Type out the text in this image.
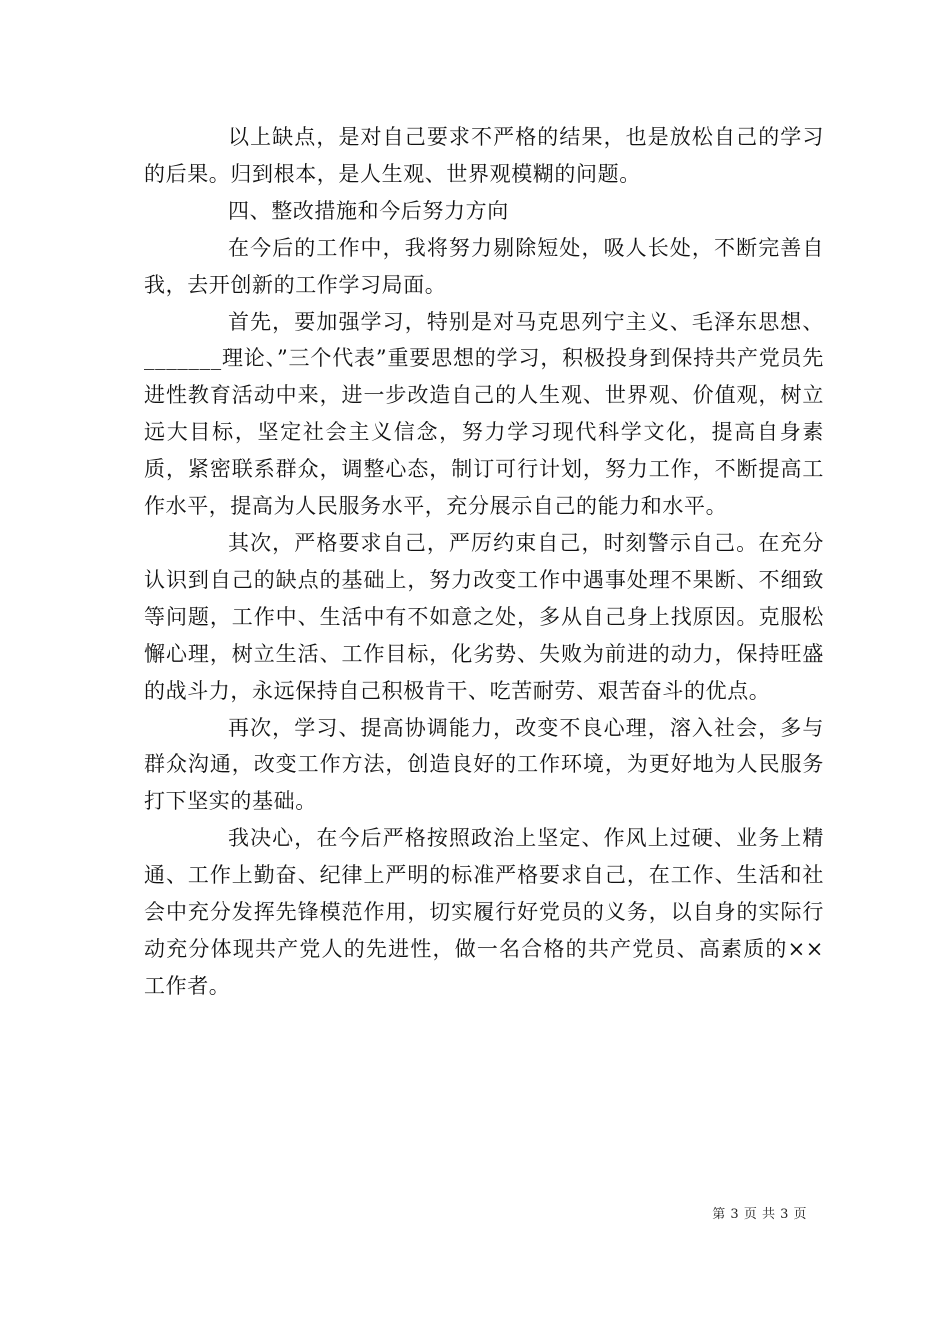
以上缺点，是对自己要求不严格的结果，也是放松自己的学习的后果。归到根本，是人生观、世界观模糊的问题。

四、整改措施和今后努力方向

在今后的工作中，我将努力剔除短处，吸人长处，不断完善自我，去开创新的工作学习局面。

首先，要加强学习，特别是对马克思列宁主义、毛泽东思想、_______理论、”三个代表”重要思想的学习，积极投身到保持共产党员先进性教育活动中来，进一步改造自己的人生观、世界观、价值观，树立远大目标，坚定社会主义信念，努力学习现代科学文化，提高自身素质，紧密联系群众，调整心态，制订可行计划，努力工作，不断提高工作水平，提高为人民服务水平，充分展示自己的能力和水平。

其次，严格要求自己，严厉约束自己，时刻警示自己。在充分认识到自己的缺点的基础上，努力改变工作中遇事处理不果断、不细致等问题，工作中、生活中有不如意之处，多从自己身上找原因。克服松懈心理，树立生活、工作目标，化劣势、失败为前进的动力，保持旺盛的战斗力，永远保持自己积极肯干、吃苦耐劳、艰苦奋斗的优点。

再次，学习、提高协调能力，改变不良心理，溶入社会，多与群众沟通，改变工作方法，创造良好的工作环境，为更好地为人民服务打下坚实的基础。

我决心，在今后严格按照政治上坚定、作风上过硬、业务上精通、工作上勤奋、纪律上严明的标准严格要求自己，在工作、生活和社会中充分发挥先锋模范作用，切实履行好党员的义务，以自身的实际行动充分体现共产党人的先进性，做一名合格的共产党员、高素质的××工作者。

第 3 页 共 3 页
